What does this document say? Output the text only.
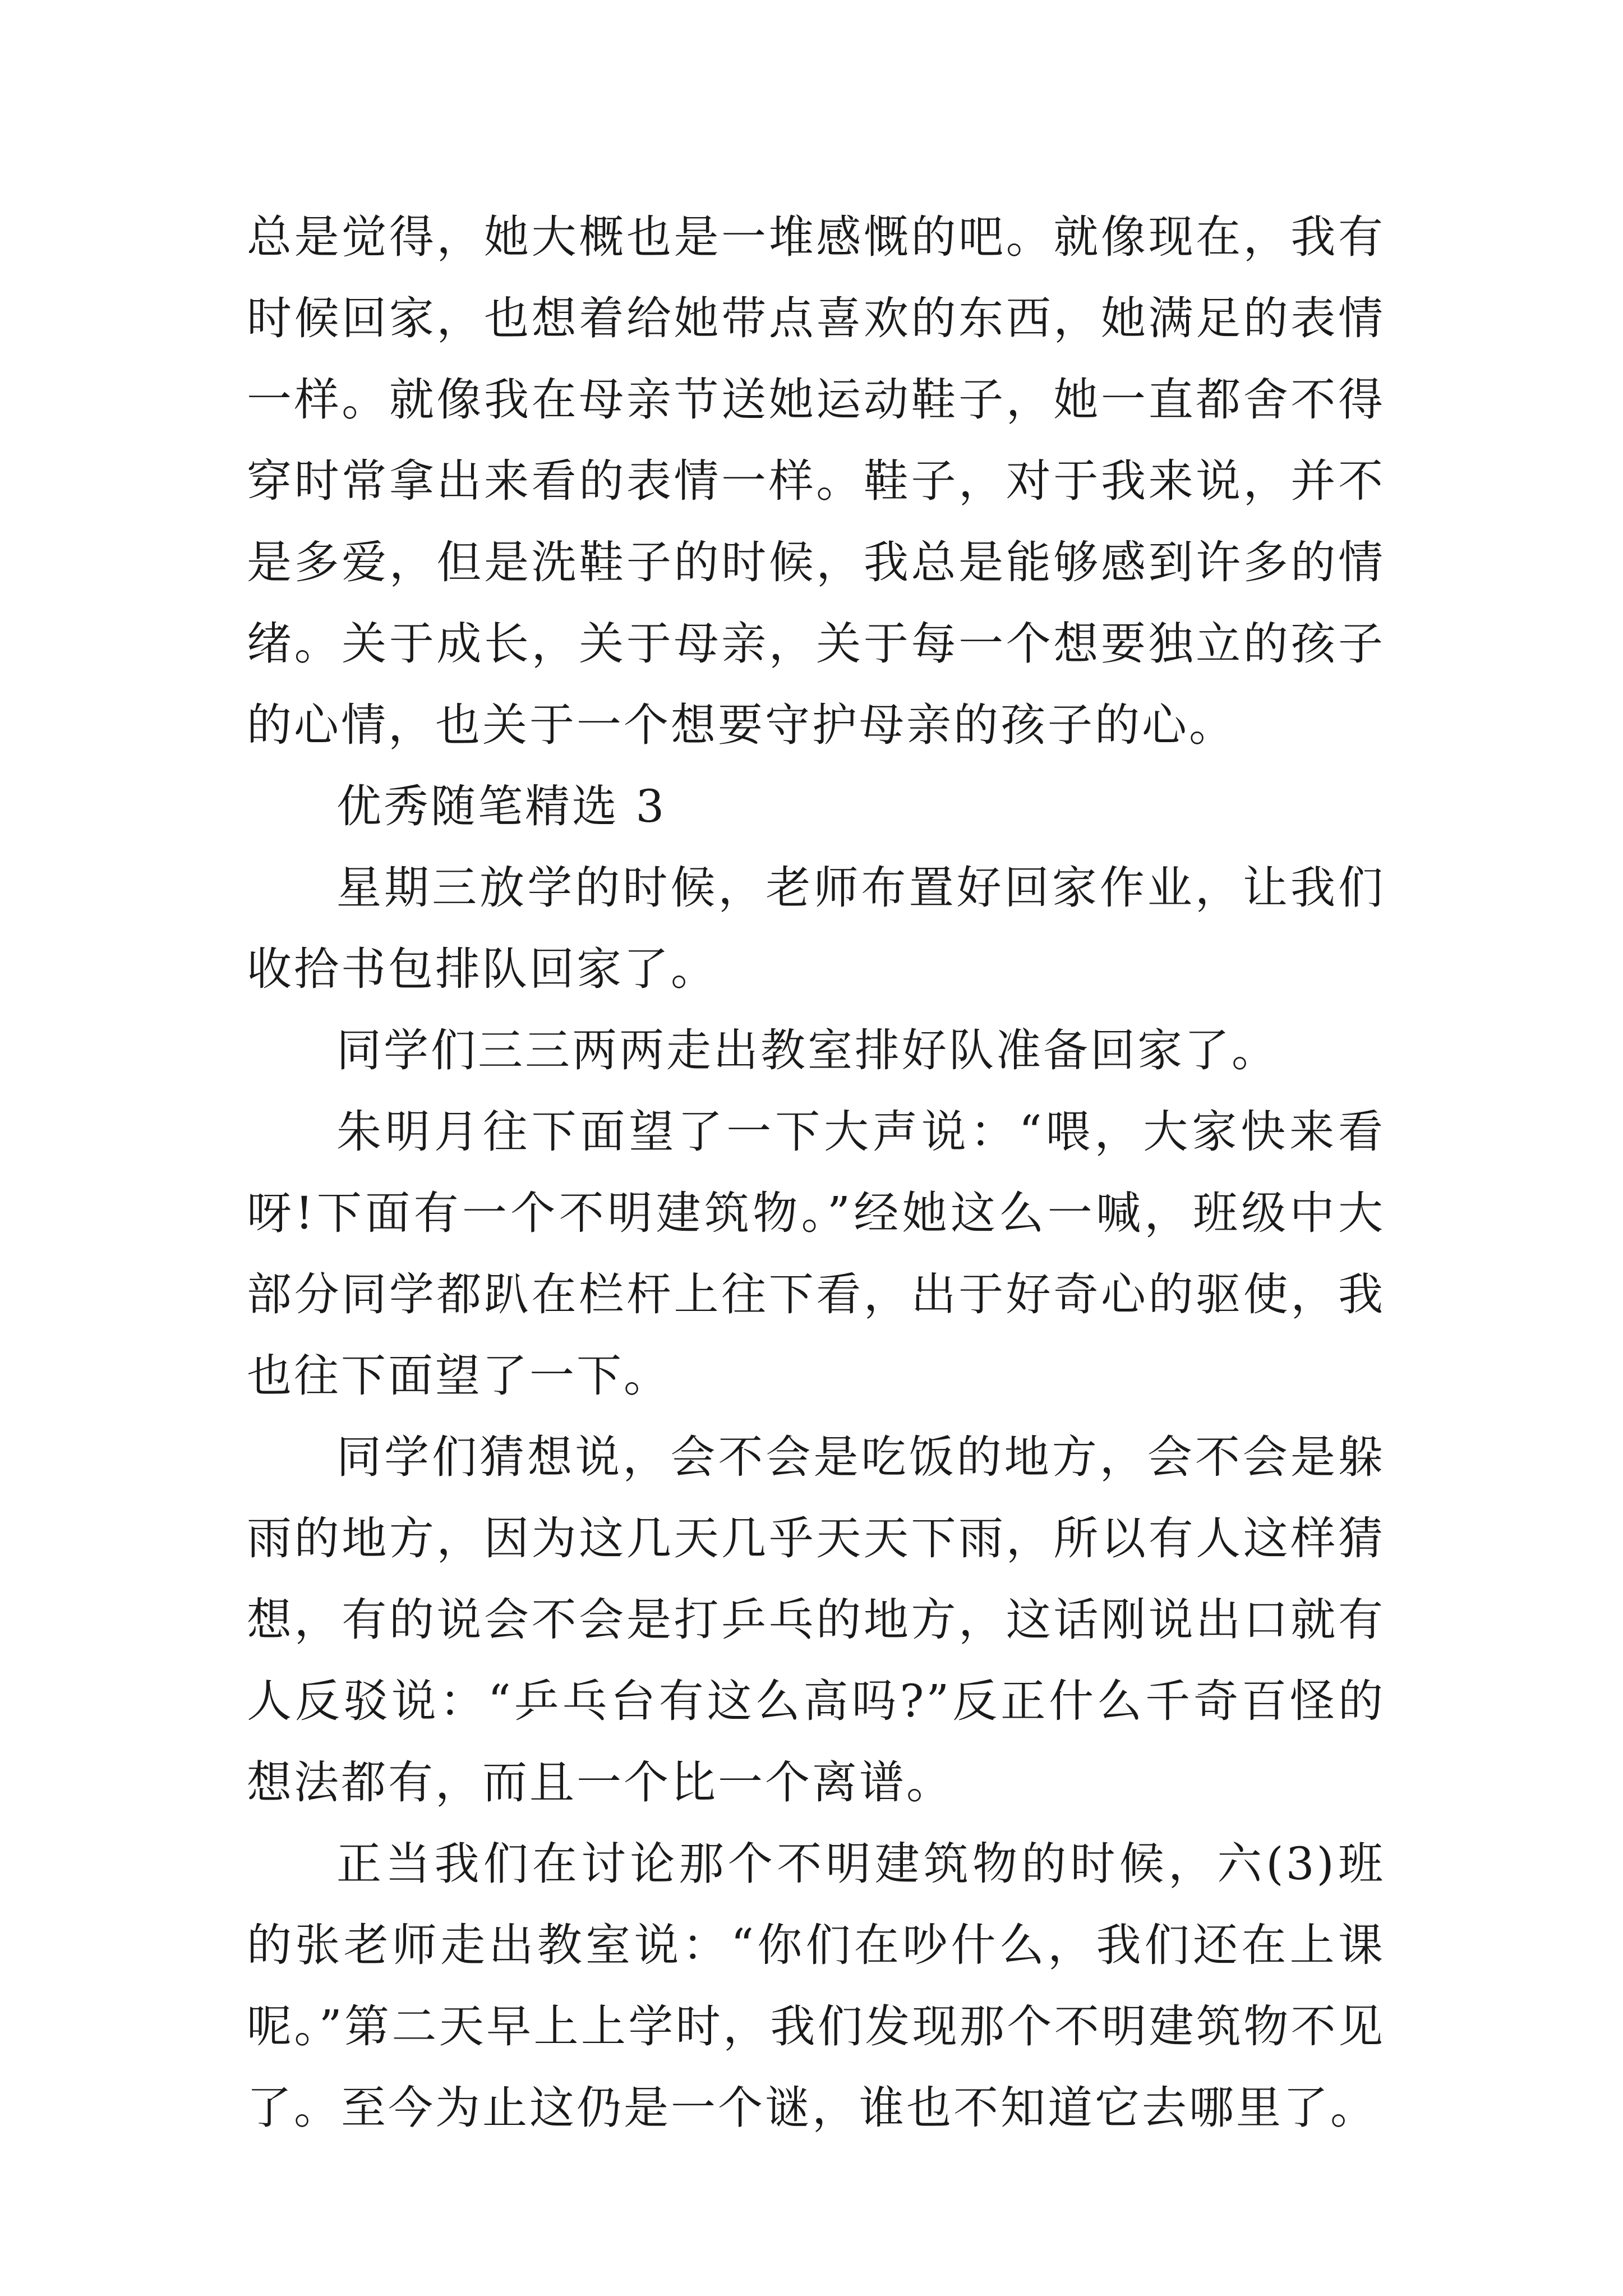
总是觉得，她大概也是一堆感慨的吧。就像现在，我有时候回家，也想着给她带点喜欢的东西，她满足的表情一样。就像我在母亲节送她运动鞋子，她一直都舍不得穿时常拿出来看的表情一样。鞋子，对于我来说，并不是多爱，但是洗鞋子的时候，我总是能够感到许多的情绪。关于成长，关于母亲，关于每一个想要独立的孩子的心情，也关于一个想要守护母亲的孩子的心。

优秀随笔精选 3

星期三放学的时候，老师布置好回家作业，让我们收拾书包排队回家了。

同学们三三两两走出教室排好队准备回家了。

朱明月往下面望了一下大声说：“喂，大家快来看呀!下面有一个不明建筑物。”经她这么一喊，班级中大部分同学都趴在栏杆上往下看，出于好奇心的驱使，我也往下面望了一下。

同学们猜想说，会不会是吃饭的地方，会不会是躲雨的地方，因为这几天几乎天天下雨，所以有人这样猜想，有的说会不会是打乒乓的地方，这话刚说出口就有人反驳说：“乒乓台有这么高吗?”反正什么千奇百怪的想法都有，而且一个比一个离谱。

正当我们在讨论那个不明建筑物的时候，六(3)班的张老师走出教室说：“你们在吵什么，我们还在上课呢。”第二天早上上学时，我们发现那个不明建筑物不见了。至今为止这仍是一个谜，谁也不知道它去哪里了。
